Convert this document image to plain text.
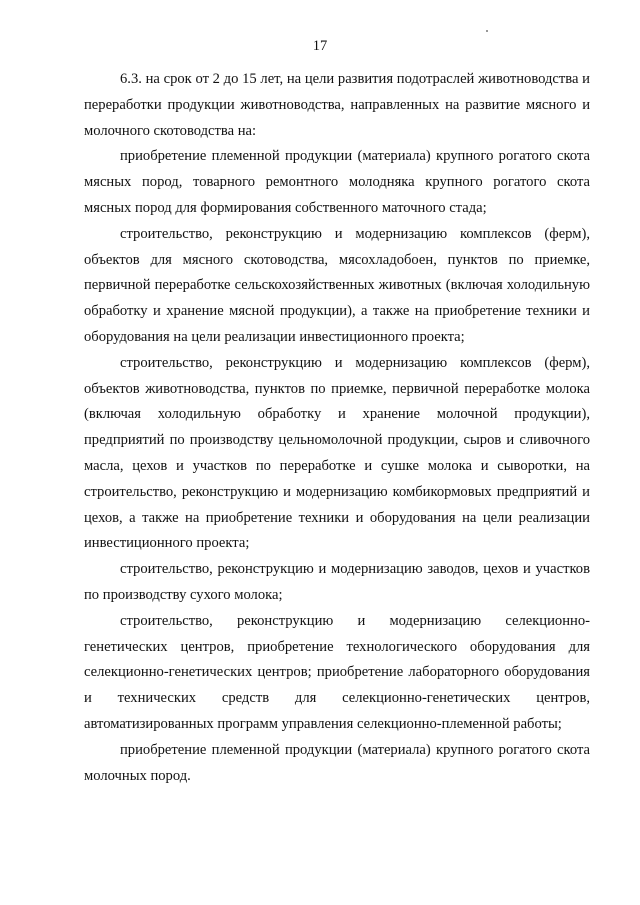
17

6.3. на срок от 2 до 15 лет, на цели развития подотраслей животноводства и переработки продукции животноводства, направленных на развитие мясного и молочного скотоводства на:

приобретение племенной продукции (материала) крупного рогатого скота мясных пород, товарного ремонтного молодняка крупного рогатого скота мясных пород для формирования собственного маточного стада;

строительство, реконструкцию и модернизацию комплексов (ферм), объектов для мясного скотоводства, мясохладобоен, пунктов по приемке, первичной переработке сельскохозяйственных животных (включая холодильную обработку и хранение мясной продукции), а также на приобретение техники и оборудования на цели реализации инвестиционного проекта;

строительство, реконструкцию и модернизацию комплексов (ферм), объектов животноводства, пунктов по приемке, первичной переработке молока (включая холодильную обработку и хранение молочной продукции), предприятий по производству цельномолочной продукции, сыров и сливочного масла, цехов и участков по переработке и сушке молока и сыворотки, на строительство, реконструкцию и модернизацию комбикормовых предприятий и цехов, а также на приобретение техники и оборудования на цели реализации инвестиционного проекта;

строительство, реконструкцию и модернизацию заводов, цехов и участков по производству сухого молока;

строительство, реконструкцию и модернизацию селекционно-генетических центров, приобретение технологического оборудования для селекционно-генетических центров; приобретение лабораторного оборудования и технических средств для селекционно-генетических центров, автоматизированных программ управления селекционно-племенной работы;

приобретение племенной продукции (материала) крупного рогатого скота молочных пород.
